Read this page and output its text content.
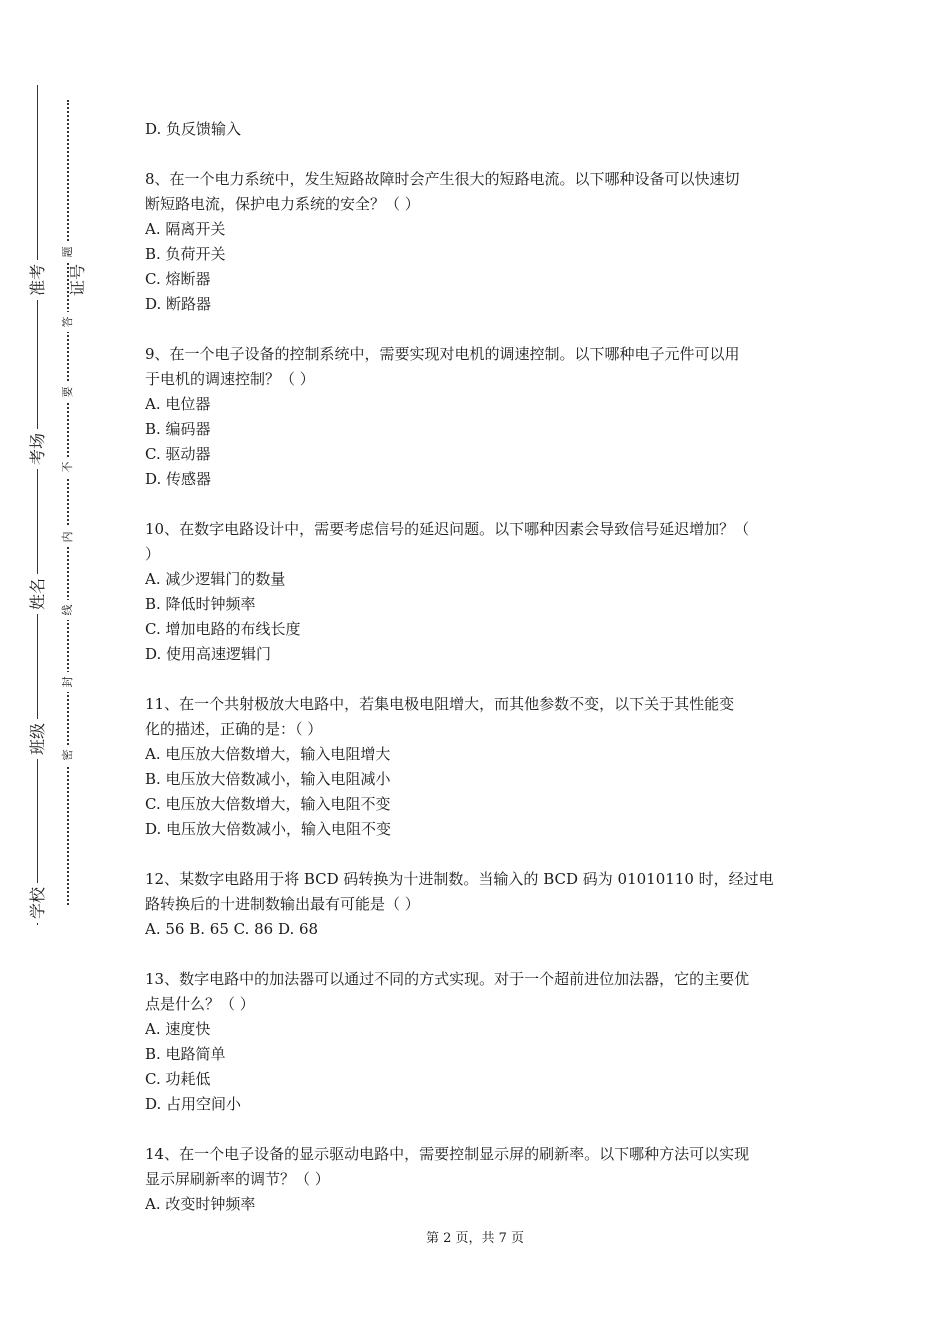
准考证号
考场
姓名
班级
学校
题
答
要
不
内
线
封
密
D. 负反馈输入
8、在一个电力系统中，发生短路故障时会产生很大的短路电流。以下哪种设备可以快速切
断短路电流，保护电力系统的安全？（ ）
A. 隔离开关
B. 负荷开关
C. 熔断器
D. 断路器
9、在一个电子设备的控制系统中，需要实现对电机的调速控制。以下哪种电子元件可以用
于电机的调速控制？（ ）
A. 电位器
B. 编码器
C. 驱动器
D. 传感器
10、在数字电路设计中，需要考虑信号的延迟问题。以下哪种因素会导致信号延迟增加？（
）
A. 减少逻辑门的数量
B. 降低时钟频率
C. 增加电路的布线长度
D. 使用高速逻辑门
11、在一个共射极放大电路中，若集电极电阻增大，而其他参数不变，以下关于其性能变
化的描述，正确的是：（ ）
A. 电压放大倍数增大，输入电阻增大
B. 电压放大倍数减小，输入电阻减小
C. 电压放大倍数增大，输入电阻不变
D. 电压放大倍数减小，输入电阻不变
12、某数字电路用于将 BCD 码转换为十进制数。当输入的 BCD 码为 01010110 时，经过电
路转换后的十进制数输出最有可能是（ ）
A. 56 B. 65 C. 86 D. 68
13、数字电路中的加法器可以通过不同的方式实现。对于一个超前进位加法器，它的主要优
点是什么？（ ）
A. 速度快
B. 电路简单
C. 功耗低
D. 占用空间小
14、在一个电子设备的显示驱动电路中，需要控制显示屏的刷新率。以下哪种方法可以实现
显示屏刷新率的调节？（ ）
A. 改变时钟频率
第 2 页，共 7 页
